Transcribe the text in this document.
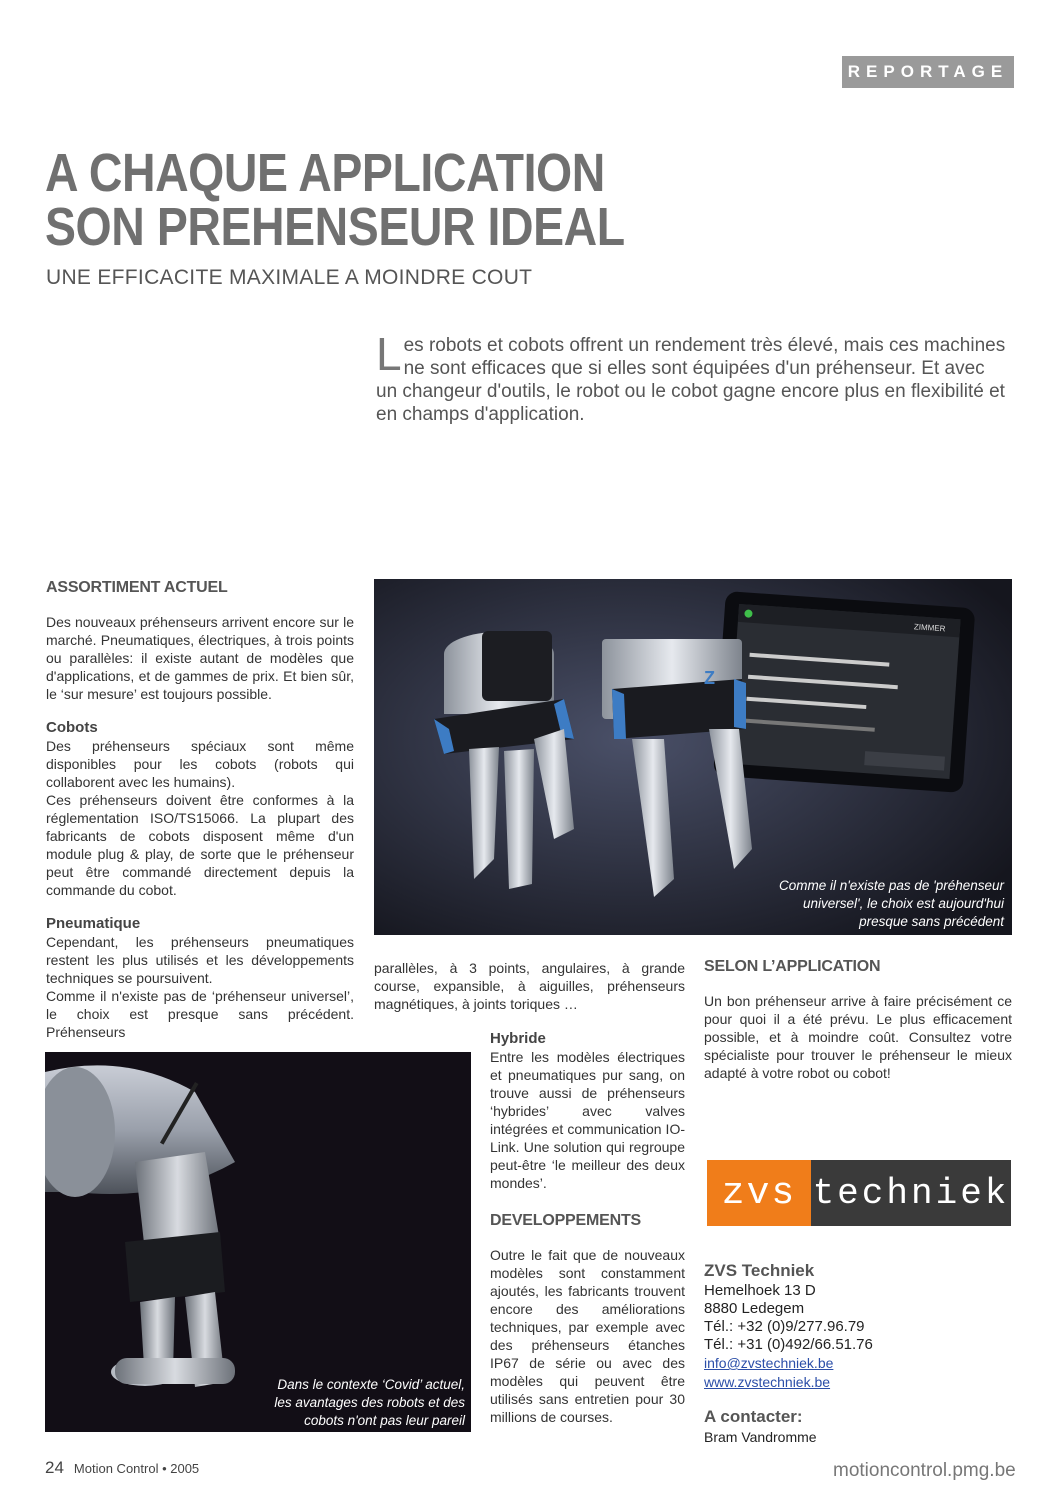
REPORTAGE
A CHAQUE APPLICATION
SON PREHENSEUR IDEAL
UNE EFFICACITE MAXIMALE A MOINDRE COUT
Les robots et cobots offrent un rendement très élevé, mais ces machines ne sont efficaces que si elles sont équipées d'un préhenseur. Et avec un changeur d'outils, le robot ou le cobot gagne encore plus en flexibilité et en champs d'application.
ASSORTIMENT ACTUEL

Des nouveaux préhenseurs arrivent encore sur le marché. Pneumatiques, électriques, à trois points ou parallèles: il existe autant de modèles que d'applications, et de gammes de prix. Et bien sûr, le ‘sur mesure’ est toujours possible.

Cobots

Des préhenseurs spéciaux sont même disponibles pour les cobots (robots qui collaborent avec les humains).

Ces préhenseurs doivent être conformes à la réglementation ISO/TS15066. La plupart des fabricants de cobots disposent même d'un module plug & play, de sorte que le préhenseur peut être commandé directement depuis la commande du cobot.

Pneumatique

Cependant, les préhenseurs pneumatiques restent les plus utilisés et les développements techniques se poursuivent.

Comme il n'existe pas de ‘préhenseur universel’, le choix est presque sans précédent. Préhenseurs

ZIMMER
Z
Comme il n'existe pas de 'préhenseur
universel', le choix est aujourd'hui
presque sans précédent

parallèles, à 3 points, angulaires, à grande course, expansible, à aiguilles, préhenseurs magnétiques, à joints toriques …

Hybride

Entre les modèles électriques et pneumatiques pur sang, on trouve aussi de préhenseurs ‘hybrides’ avec valves intégrées et communication IO-Link. Une solution qui regroupe peut-être ‘le meilleur des deux mondes’.

DEVELOPPEMENTS

Outre le fait que de nouveaux modèles sont constamment ajoutés, les fabricants trouvent encore des améliorations techniques, par exemple avec des préhenseurs étanches IP67 de série ou avec des modèles qui peuvent être utilisés sans entretien pour 30 millions de courses.

SELON L’APPLICATION

Un bon préhenseur arrive à faire précisément ce pour quoi il a été prévu. Le plus efficacement possible, et à moindre coût. Consultez votre spécialiste pour trouver le préhenseur le mieux adapté à votre robot ou cobot!

Dans le contexte ‘Covid’ actuel,
les avantages des robots et des
cobots n'ont pas leur pareil
zvs techniek
ZVS Techniek
Hemelhoek 13 D
8880 Ledegem
Tél.: +32 (0)9/277.96.79
Tél.: +31 (0)492/66.51.76
info@zvstechniek.be
www.zvstechniek.be
A contacter:
Bram Vandromme
24 Motion Control • 2005	motioncontrol.pmg.be
